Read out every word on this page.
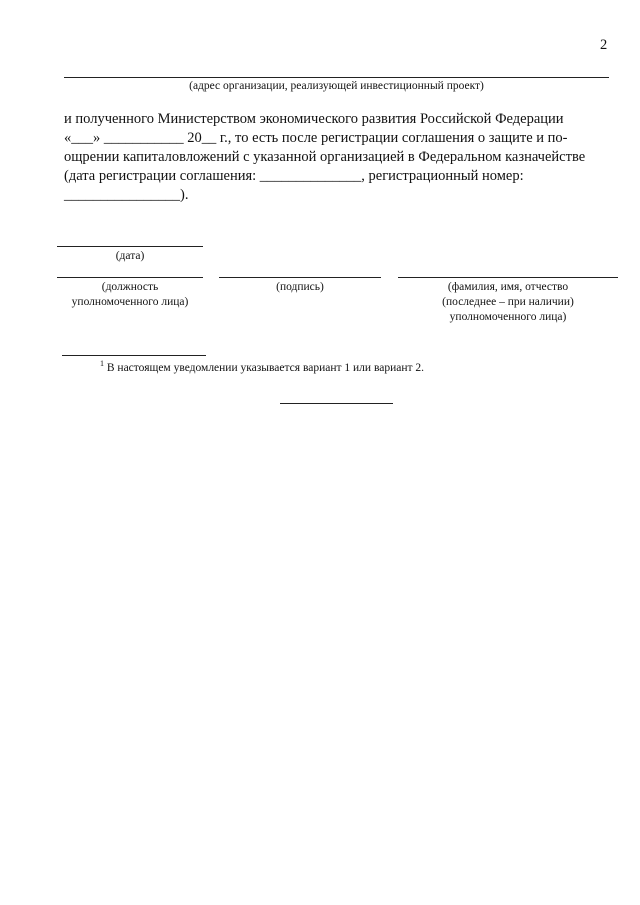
2
(адрес организации, реализующей инвестиционный проект)
и полученного Министерством экономического развития Российской Федерации
«___» ___________ 20__ г., то есть после регистрации соглашения о защите и по-
ощрении капиталовложений с указанной организацией в Федеральном казначействе
(дата регистрации соглашения: ______________, регистрационный номер:
________________).
(дата)
(должность
уполномоченного лица)
(подпись)	(фамилия, имя, отчество
(последнее – при наличии)
уполномоченного лица)
$^1$ В настоящем уведомлении указывается вариант 1 или вариант 2.
